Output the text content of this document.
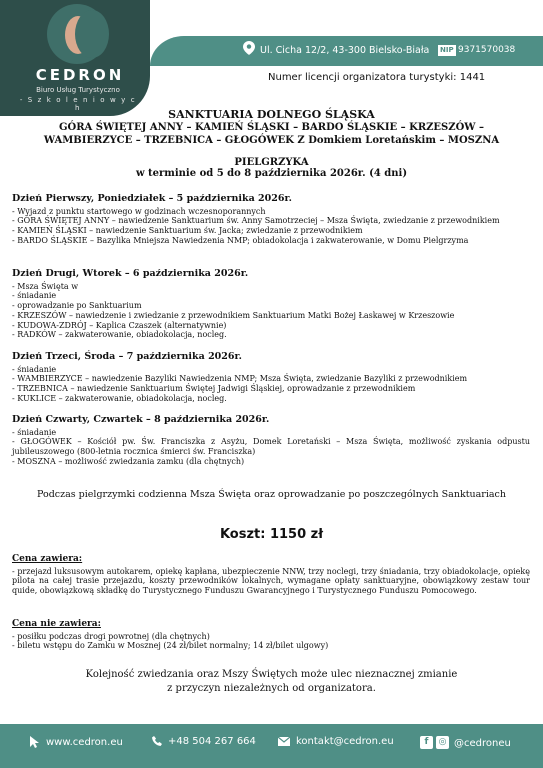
CEDRON
Biuro Usług Turystyczno
- S z k o l e n i o w y c h
Ul. Cicha 12/2, 43-300 Bielsko-Biała NIP 9371570038
Numer licencji organizatora turystyki: 1441
SANKTUARIA DOLNEGO ŚLĄSKA
GÓRA ŚWIĘTEJ ANNY – KAMIEŃ ŚLĄSKI – BARDO ŚLĄSKIE – KRZESZÓW –
WAMBIERZYCE – TRZEBNICA – GŁOGÓWEK Z Domkiem Loretańskim – MOSZNA
PIELGRZYKA
w terminie od 5 do 8 października 2026r. (4 dni)
Dzień Pierwszy, Poniedziałek – 5 października 2026r.
- Wyjazd z punktu startowego w godzinach wczesnoporannych
- GÓRA ŚWIĘTEJ ANNY – nawiedzenie Sanktuarium św. Anny Samotrzeciej – Msza Święta, zwiedzanie z przewodnikiem
- KAMIEŃ ŚLĄSKI – nawiedzenie Sanktuarium św. Jacka; zwiedzanie z przewodnikiem
- BARDO ŚLĄSKIE – Bazylika Mniejsza Nawiedzenia NMP; obiadokolacja i zakwaterowanie, w Domu Pielgrzyma
Dzień Drugi, Wtorek – 6 października 2026r.
- Msza Święta w
- śniadanie
- oprowadzanie po Sanktuarium
- KRZESZÓW – nawiedzenie i zwiedzanie z przewodnikiem Sanktuarium Matki Bożej Łaskawej w Krzeszowie
- KUDOWA-ZDRÓJ – Kaplica Czaszek (alternatywnie)
- RADKÓW – zakwaterowanie, obiadokolacja, nocleg.
Dzień Trzeci, Środa – 7 października 2026r.
- śniadanie
- WAMBIERZYCE – nawiedzenie Bazyliki Nawiedzenia NMP; Msza Święta, zwiedzanie Bazyliki z przewodnikiem
- TRZEBNICA – nawiedzenie Sanktuarium Świętej Jadwigi Śląskiej, oprowadzanie z przewodnikiem
- KUKLICE – zakwaterowanie, obiadokolacja, nocleg.
Dzień Czwarty, Czwartek – 8 października 2026r.
- śniadanie
- GŁOGÓWEK – Kościół pw. Św. Franciszka z Asyżu, Domek Loretański – Msza Święta, możliwość zyskania odpustu jubileuszowego (800-letnia rocznica śmierci św. Franciszka)
- MOSZNA – możliwość zwiedzania zamku (dla chętnych)
Podczas pielgrzymki codzienna Msza Święta oraz oprowadzanie po poszczególnych Sanktuariach
Koszt: 1150 zł
Cena zawiera:
- przejazd luksusowym autokarem, opiekę kapłana, ubezpieczenie NNW, trzy noclegi, trzy śniadania, trzy obiadokolacje, opiekę pilota na całej trasie przejazdu, koszty przewodników lokalnych, wymagane opłaty sanktuaryjne, obowiązkowy zestaw tour quide, obowiązkową składkę do Turystycznego Funduszu Gwarancyjnego i Turystycznego Funduszu Pomocowego.
Cena nie zawiera:
- posiłku podczas drogi powrotnej (dla chętnych)
- biletu wstępu do Zamku w Mosznej (24 zł/bilet normalny; 14 zł/bilet ulgowy)
Kolejność zwiedzania oraz Mszy Świętych może ulec nieznacznej zmianie
z przyczyn niezależnych od organizatora.
www.cedron.eu	+48 504 267 664	kontakt@cedron.eu	f ◎ @cedroneu
